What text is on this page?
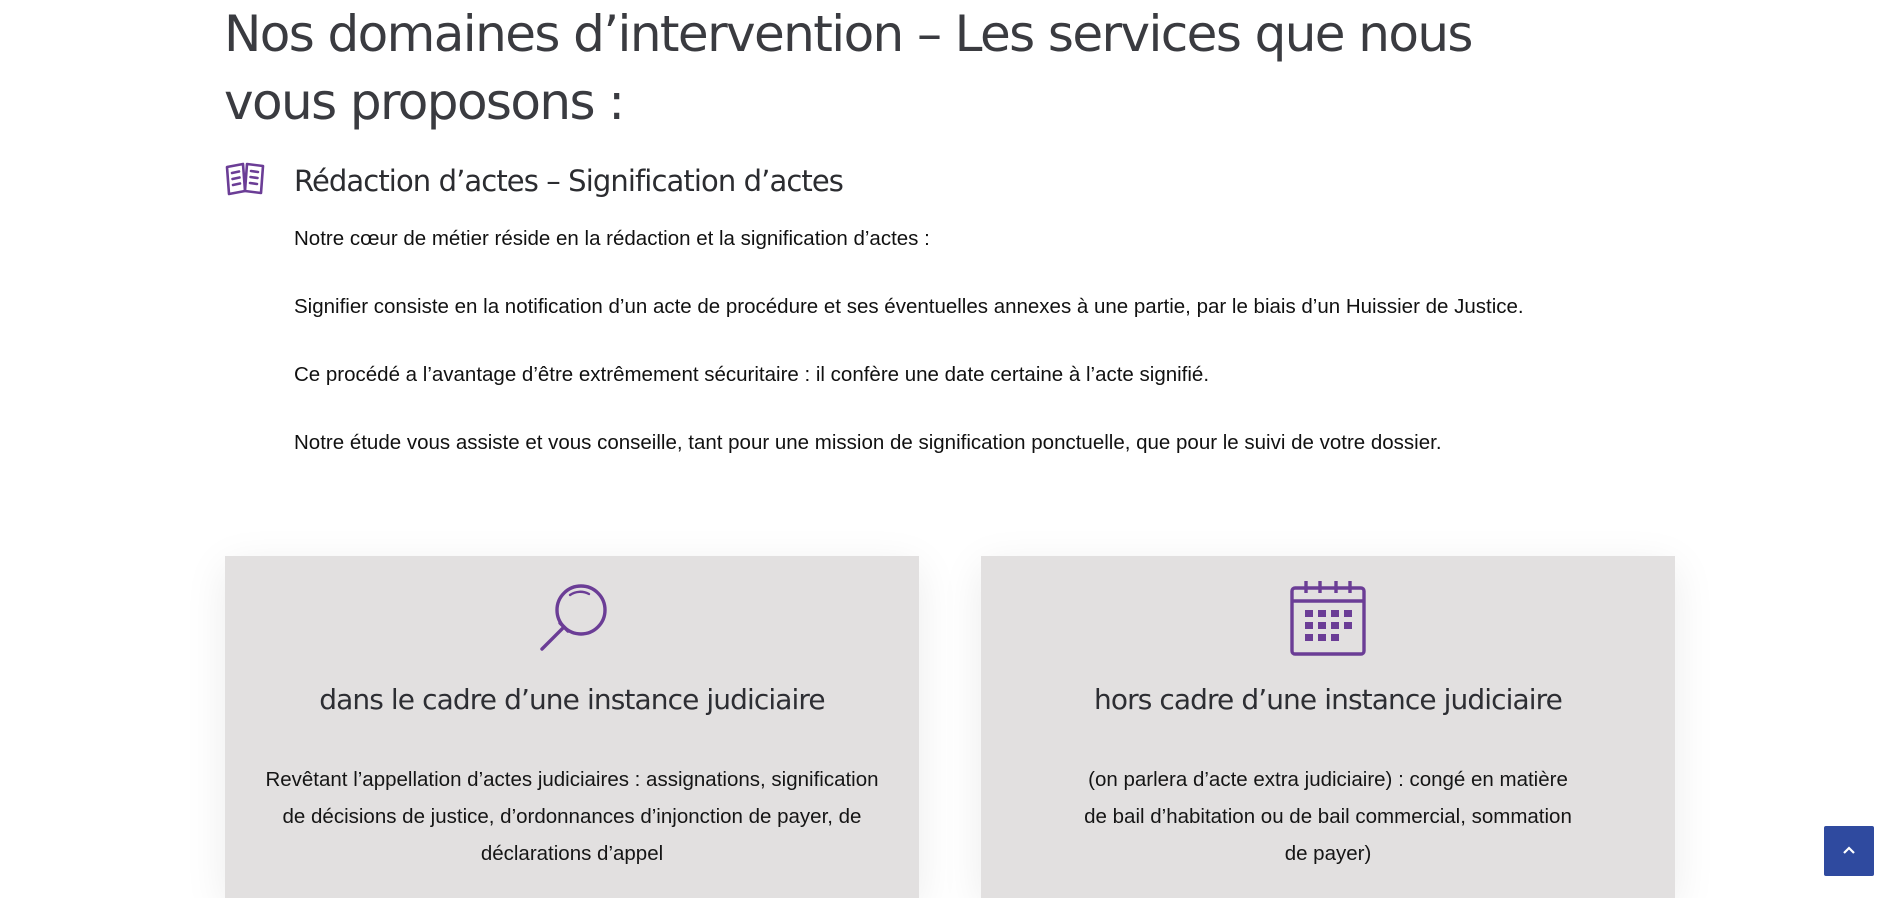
Nos domaines d’intervention – Les services que nous vous proposons :
Rédaction d’actes – Signification d’actes

Notre cœur de métier réside en la rédaction et la signification d’actes :

Signifier consiste en la notification d’un acte de procédure et ses éventuelles annexes à une partie, par le biais d’un Huissier de Justice.

Ce procédé a l’avantage d’être extrêmement sécuritaire : il confère une date certaine à l’acte signifié.

Notre étude vous assiste et vous conseille, tant pour une mission de signification ponctuelle, que pour le suivi de votre dossier.

dans le cadre d’une instance judiciaire

Revêtant l’appellation d’actes judiciaires : assignations, signification
de décisions de justice, d’ordonnances d’injonction de payer, de
déclarations d’appel

hors cadre d’une instance judiciaire

(on parlera d’acte extra judiciaire) : congé en matière
de bail d’habitation ou de bail commercial, sommation
de payer)
